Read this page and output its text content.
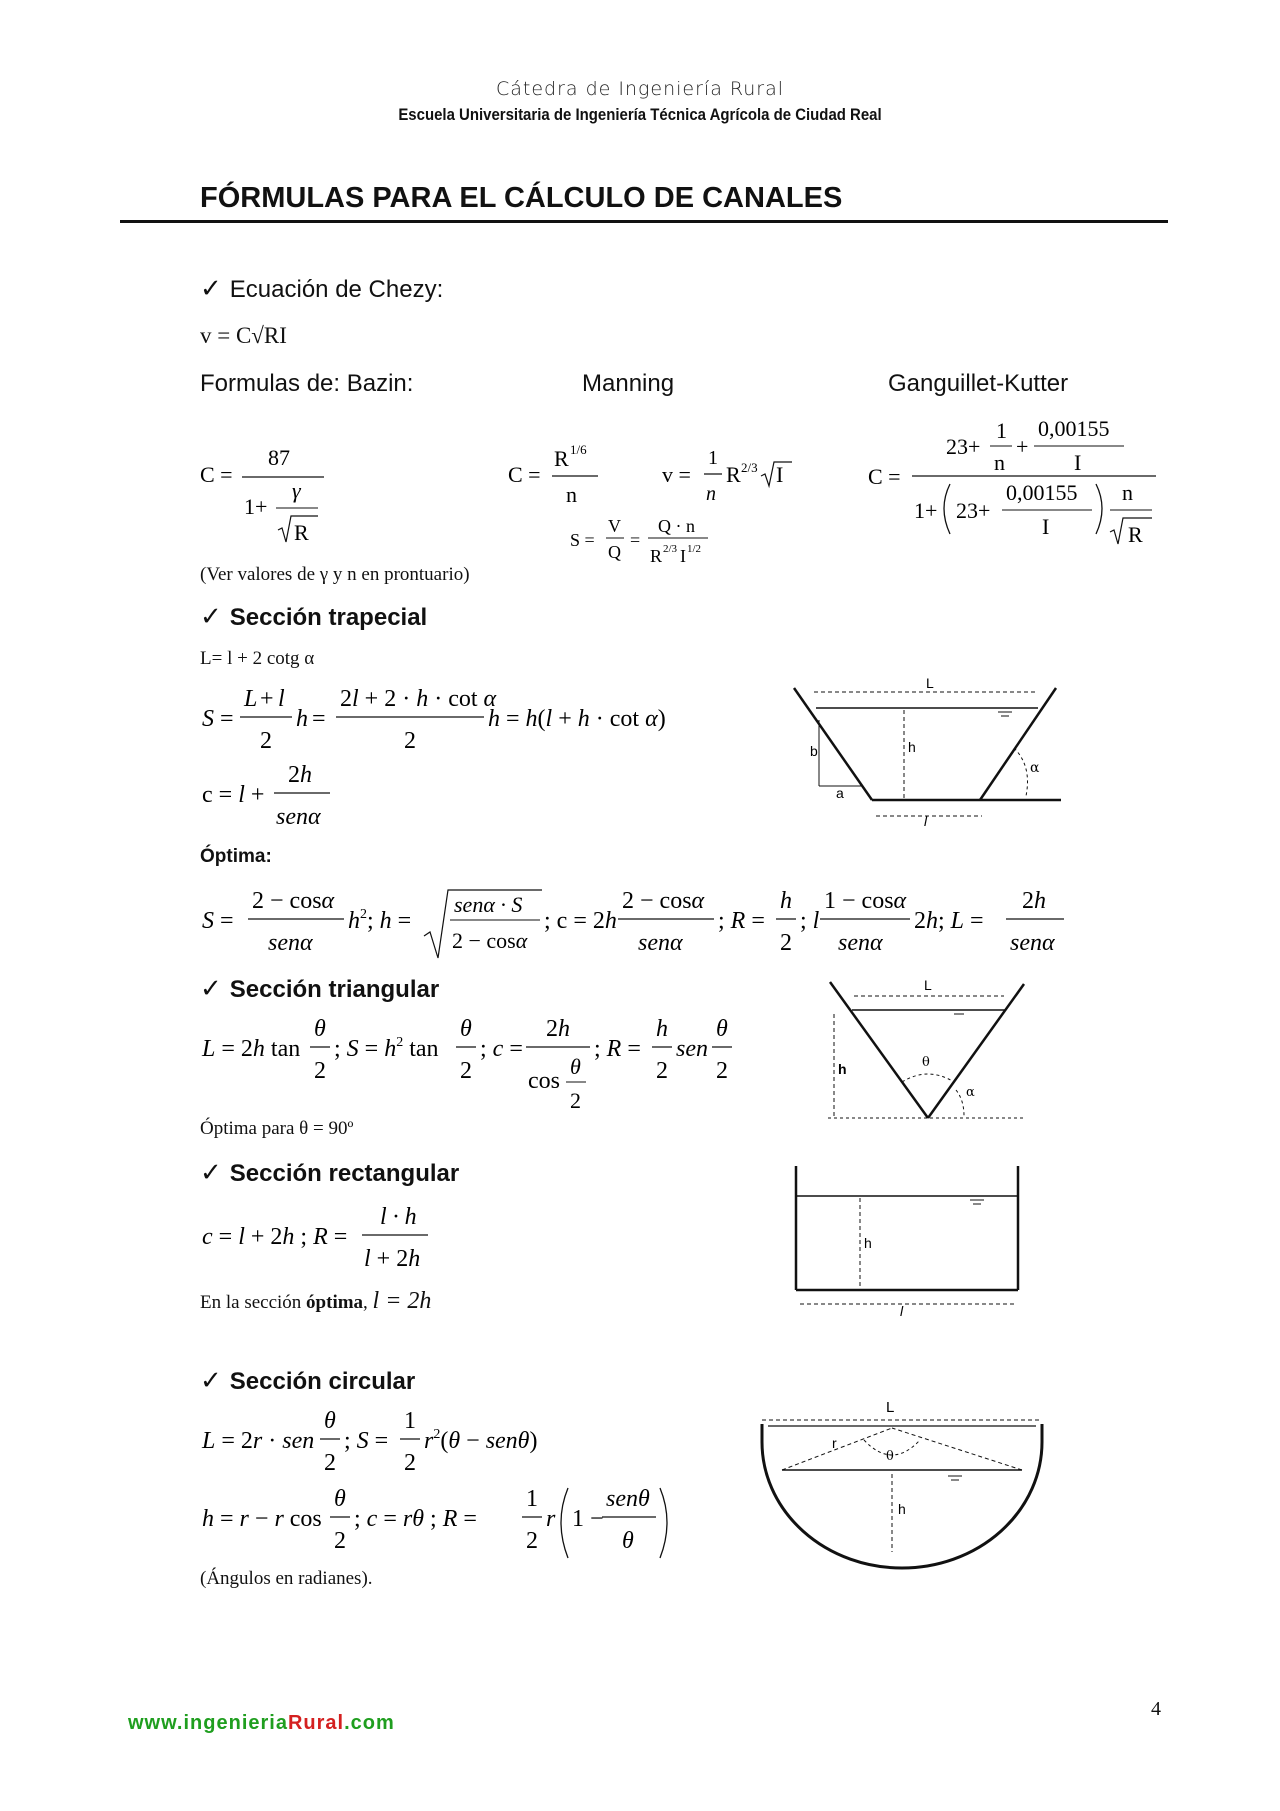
Cátedra de Ingeniería Rural
Escuela Universitaria de Ingeniería Técnica Agrícola de Ciudad Real
FÓRMULAS PARA EL CÁLCULO DE CANALES
✓ Ecuación de Chezy:
v = C√RI
Formulas de: Bazin:	Manning	Ganguillet-Kutter
C =
87
1+
γ
R
C =
R 1/6
n
v =
1
n
R 2/3 I
S =
V
Q
=
Q · n
R 2/3 I 1/2
C =
23+
1
n
+
0,00155
I
1+ 23+
0,00155
I
n
R
(Ver valores de γ y n en prontuario)
✓ Sección trapecial
L= l + 2 cotg α
S =
L + l
2
h =
2l + 2 · h · cot α
2
h = h(l + h · cot α)
c = l +
2h
senα
L
h
b
a
α
l
Óptima:
S =
2 − cosα
senα
$h^2$; h =
senα · S
2 − cosα
; c = 2h
2 − cosα
senα
; R =
h
2
; l
1 − cosα
senα
2h; L =
2h
senα
✓ Sección triangular
L = 2h tan
θ
2
; $S = h^2$ tan
θ
2
; c =
2h
cos
θ
2
; R =
h
2
sen
θ
2
Óptima para θ = 90º
L
h	θ
α
✓ Sección rectangular
c = l + 2h ; R =
l · h
l + 2h
En la sección óptima, l = 2h
h
l
✓ Sección circular
L = 2r · sen
θ
2
; S =
1
2
$r^2(\theta - sen\theta)$
h = r − r cos
θ
2
; c = rθ ; R =
1
2
r 1 −
senθ
θ
(Ángulos en radianes).
L
r
θ
h
www.ingenieriaRural.com
4
